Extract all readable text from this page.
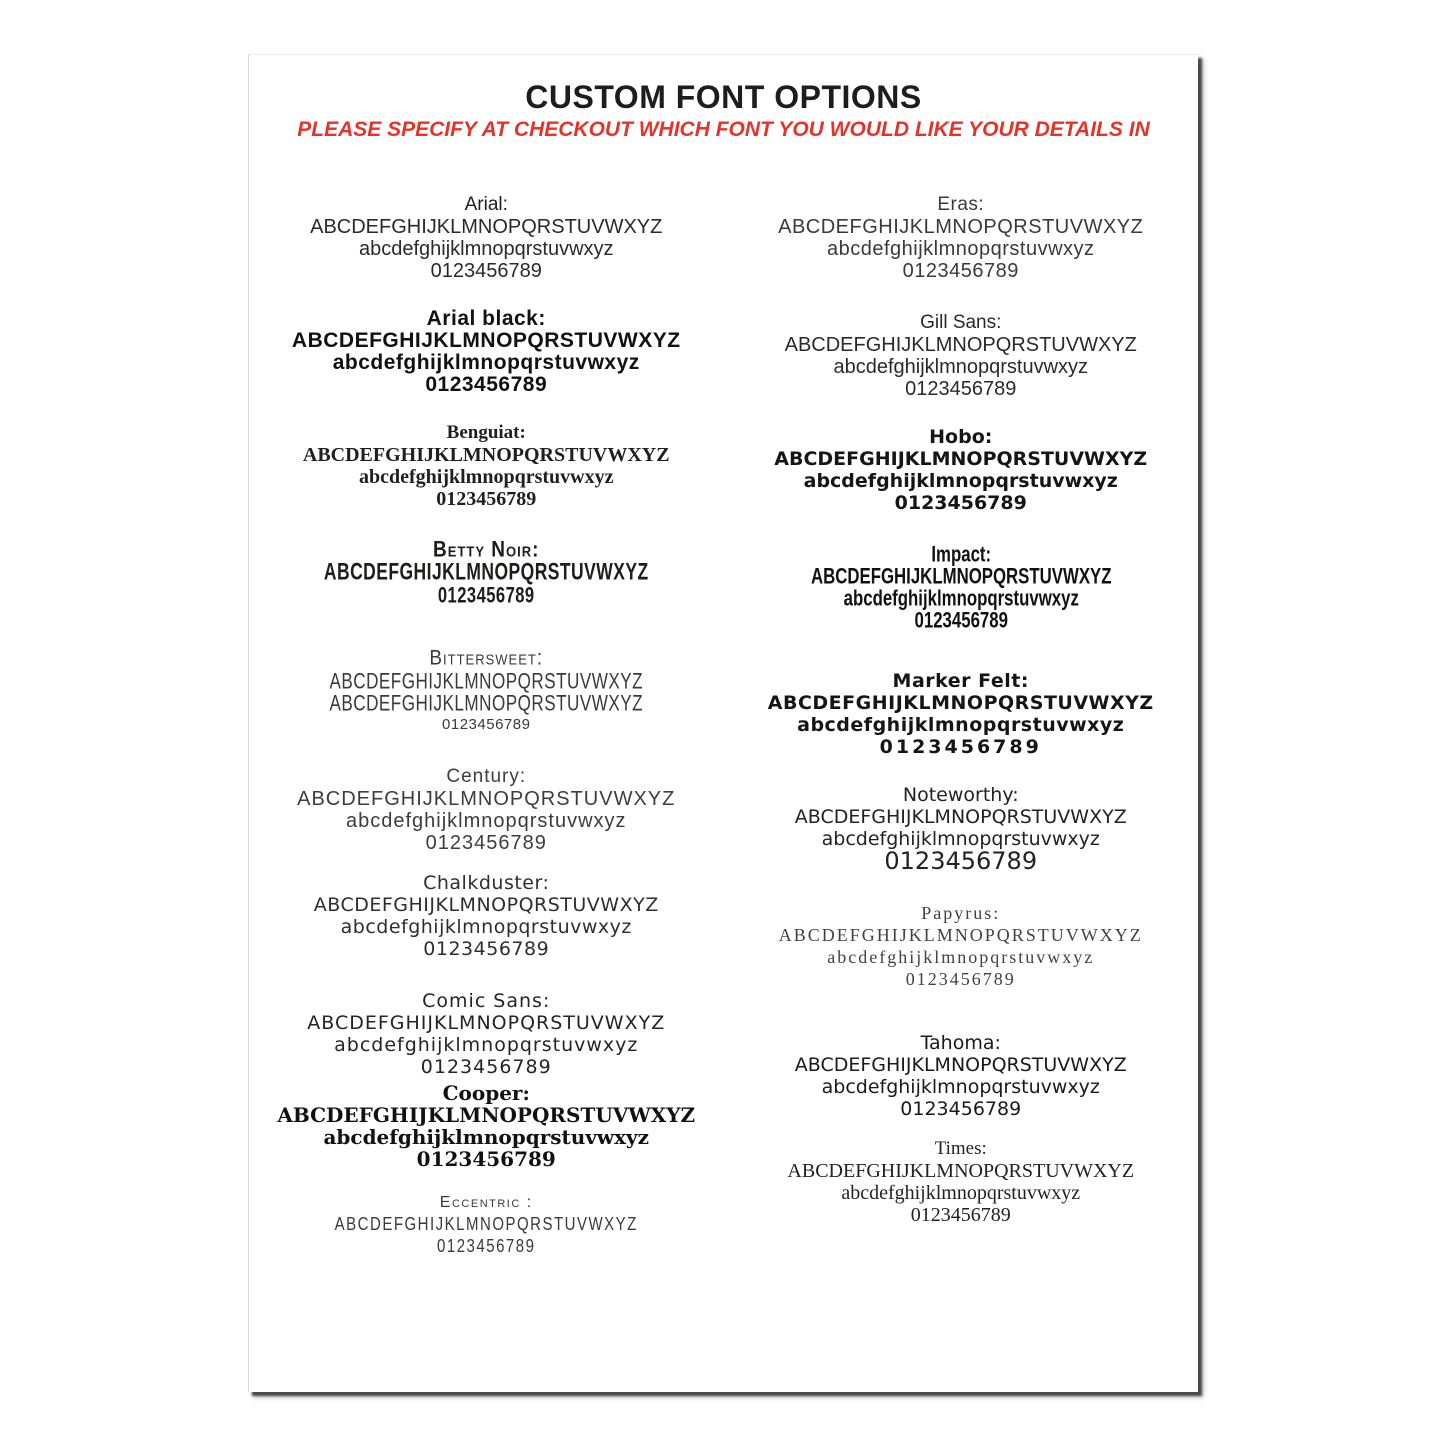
CUSTOM FONT OPTIONS
PLEASE SPECIFY AT CHECKOUT WHICH FONT YOU WOULD LIKE YOUR DETAILS IN
Arial:
ABCDEFGHIJKLMNOPQRSTUVWXYZ
abcdefghijklmnopqrstuvwxyz
0123456789
Arial black:
ABCDEFGHIJKLMNOPQRSTUVWXYZ
abcdefghijklmnopqrstuvwxyz
0123456789
Benguiat:
ABCDEFGHIJKLMNOPQRSTUVWXYZ
abcdefghijklmnopqrstuvwxyz
0123456789
Betty Noir:
ABCDEFGHIJKLMNOPQRSTUVWXYZ
0123456789
Bittersweet:
ABCDEFGHIJKLMNOPQRSTUVWXYZ
ABCDEFGHIJKLMNOPQRSTUVWXYZ
0123456789
Century:
ABCDEFGHIJKLMNOPQRSTUVWXYZ
abcdefghijklmnopqrstuvwxyz
0123456789
Chalkduster:
ABCDEFGHIJKLMNOPQRSTUVWXYZ
abcdefghijklmnopqrstuvwxyz
0123456789
Comic Sans:
ABCDEFGHIJKLMNOPQRSTUVWXYZ
abcdefghijklmnopqrstuvwxyz
0123456789
Cooper:
ABCDEFGHIJKLMNOPQRSTUVWXYZ
abcdefghijklmnopqrstuvwxyz
0123456789
Eccentric :
ABCDEFGHIJKLMNOPQRSTUVWXYZ
0123456789
Eras:
ABCDEFGHIJKLMNOPQRSTUVWXYZ
abcdefghijklmnopqrstuvwxyz
0123456789
Gill Sans:
ABCDEFGHIJKLMNOPQRSTUVWXYZ
abcdefghijklmnopqrstuvwxyz
0123456789
Hobo:
ABCDEFGHIJKLMNOPQRSTUVWXYZ
abcdefghijklmnopqrstuvwxyz
0123456789
Impact:
ABCDEFGHIJKLMNOPQRSTUVWXYZ
abcdefghijklmnopqrstuvwxyz
0123456789
Marker Felt:
ABCDEFGHIJKLMNOPQRSTUVWXYZ
abcdefghijklmnopqrstuvwxyz
0123456789
Noteworthy:
ABCDEFGHIJKLMNOPQRSTUVWXYZ
abcdefghijklmnopqrstuvwxyz
0123456789
Papyrus:
ABCDEFGHIJKLMNOPQRSTUVWXYZ
abcdefghijklmnopqrstuvwxyz
0123456789
Tahoma:
ABCDEFGHIJKLMNOPQRSTUVWXYZ
abcdefghijklmnopqrstuvwxyz
0123456789
Times:
ABCDEFGHIJKLMNOPQRSTUVWXYZ
abcdefghijklmnopqrstuvwxyz
0123456789
